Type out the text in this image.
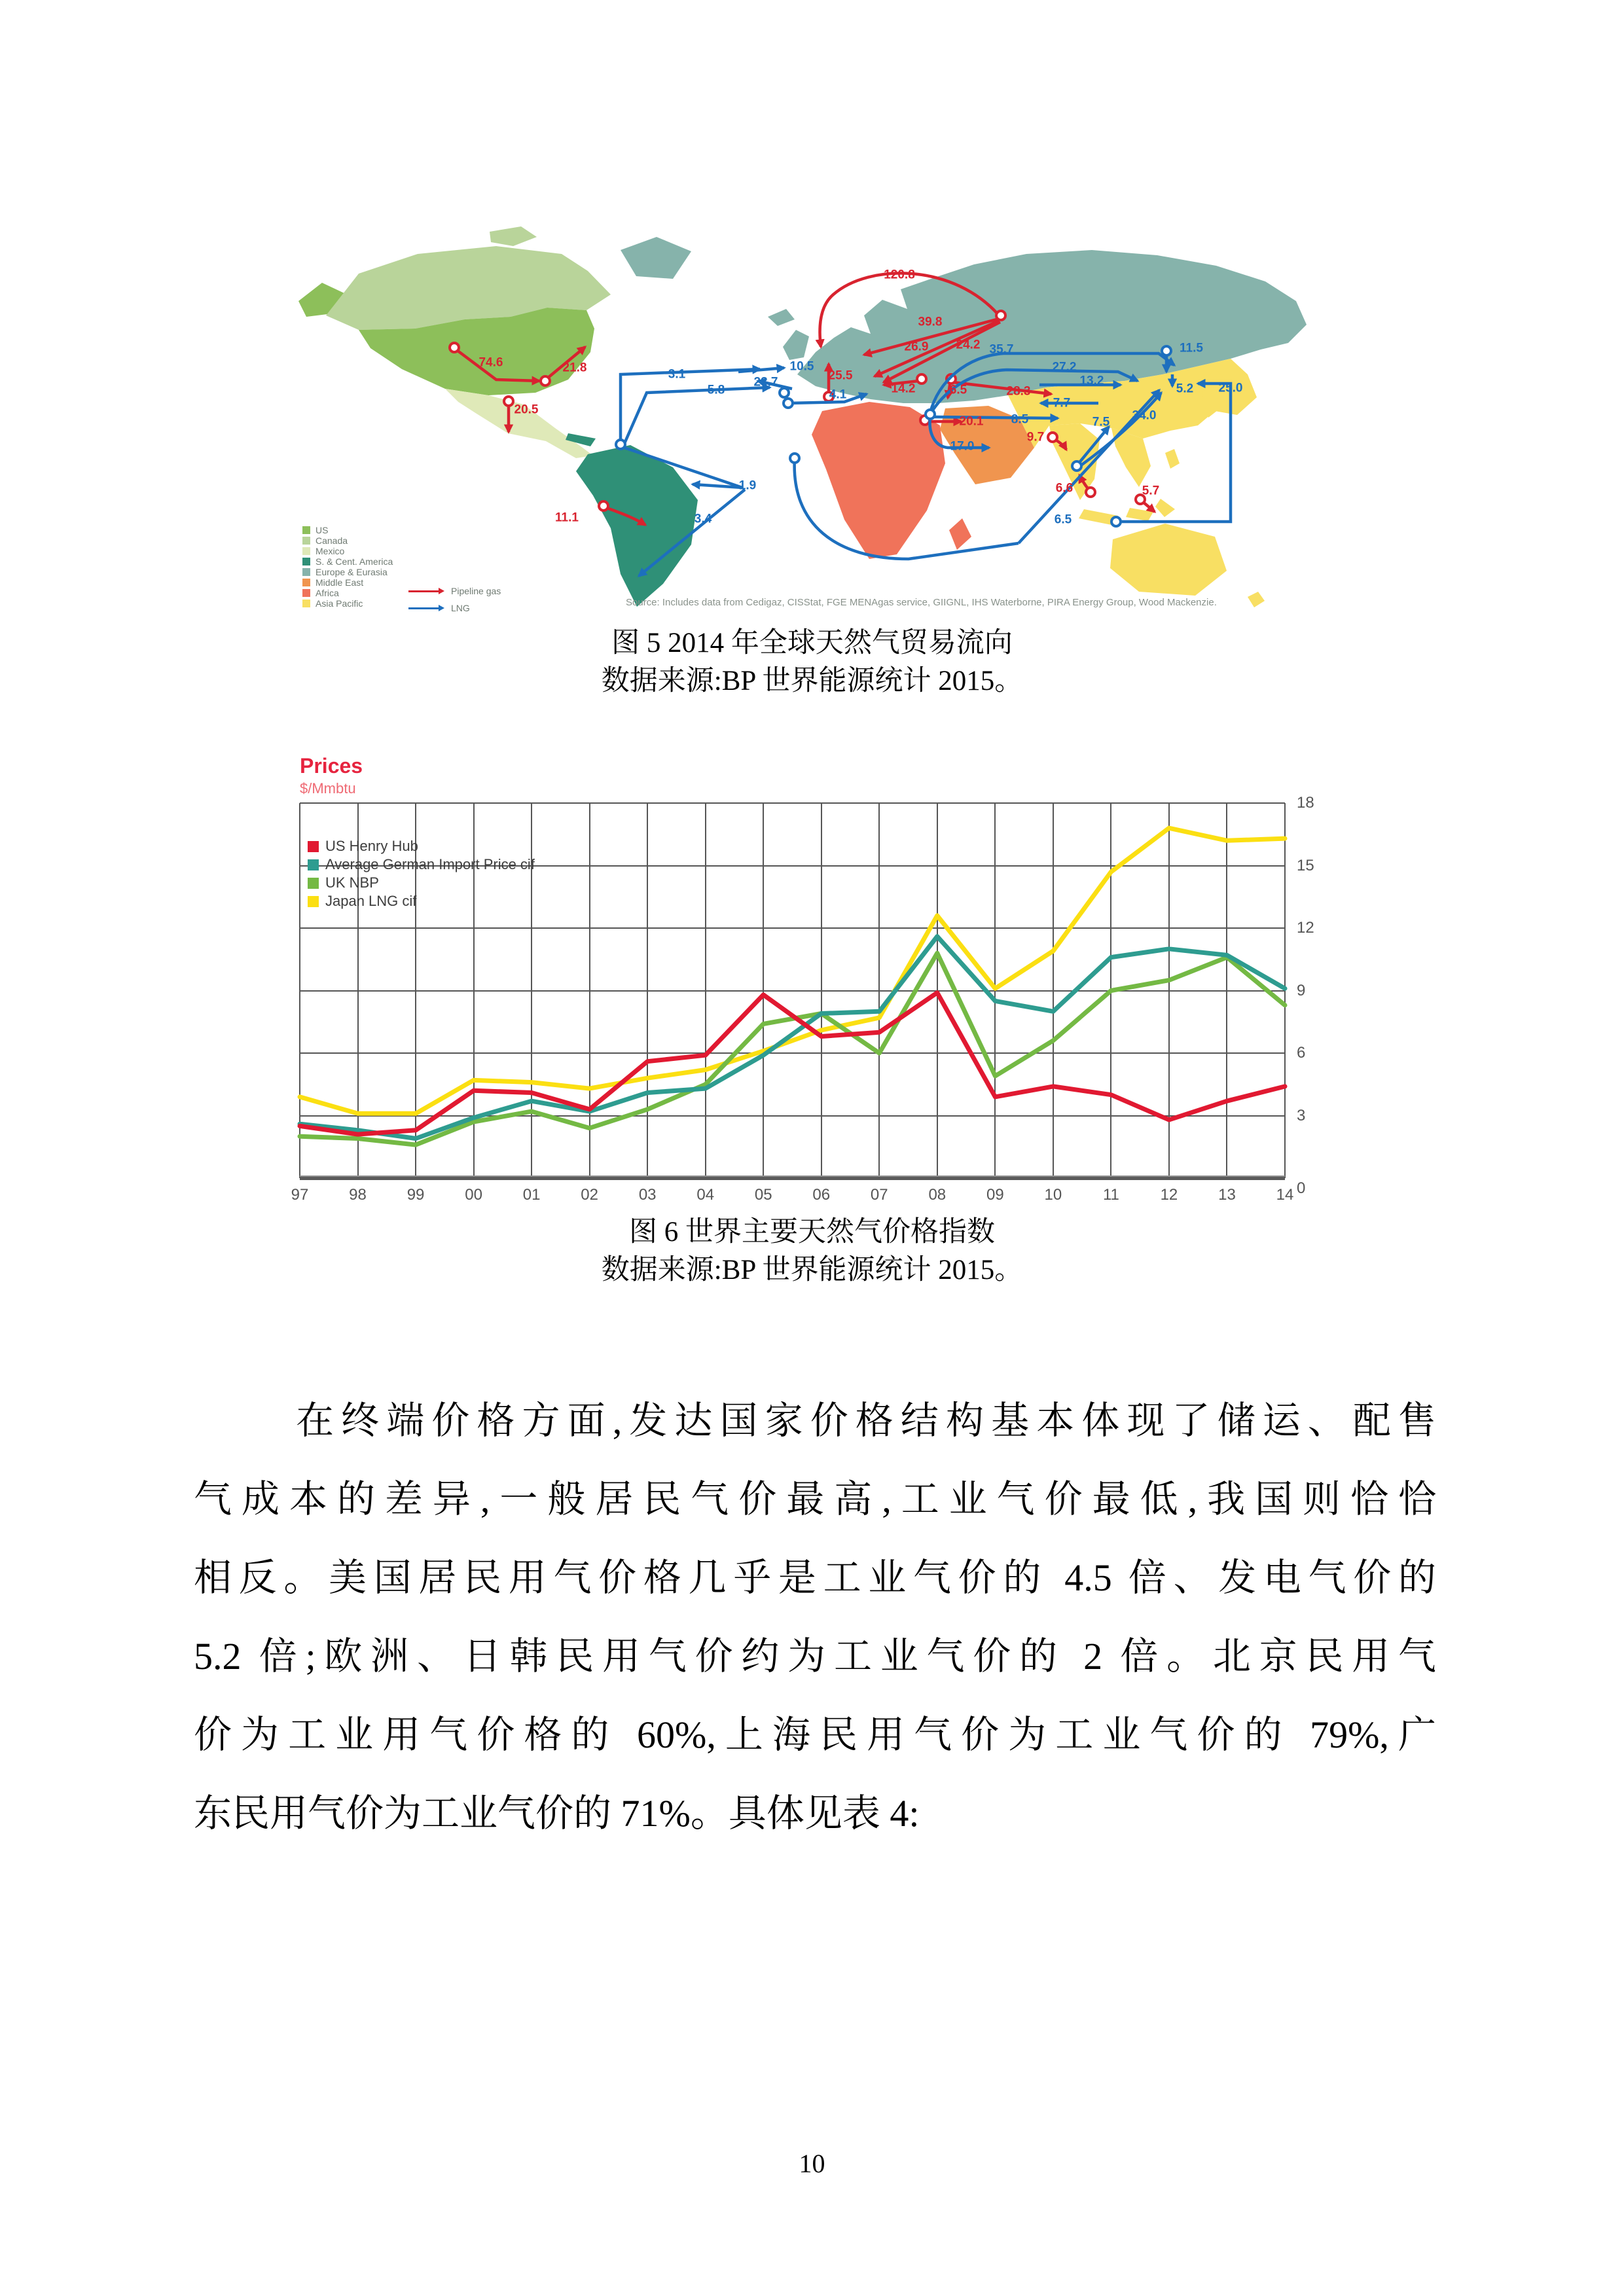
74.6	21.8
20.5
11.1
120.8
39.8
26.9 24.2
25.5
14.2	6.5	28.3
20.1
9.7
6.6	5.7
3.1
5.8
23.7
10.5
4.1
1.9
3.4
35.7
27.2
13.2
7.7
8.5
17.0
7.5 34.0
11.5
5.2 25.0
6.5
US
Canada
Mexico
S. & Cent. America
Europe & Eurasia
Middle East
Africa
Asia Pacific
Pipeline gas
LNG	Source: Includes data from Cedigaz, CISStat, FGE MENAgas service, GIIGNL, IHS Waterborne, PIRA Energy Group, Wood Mackenzie.
图 5 2014 年全球天然气贸易流向
数据来源:BP 世界能源统计 2015。
Prices
$/Mmbtu
97	98	99	00	01	02	03	04	05	06	07	08	09	10	11	12	13	14
18
15
12
9
6
3
0
US Henry Hub
Average German Import Price cif
UK NBP
Japan LNG cif
图 6 世界主要天然气价格指数
数据来源:BP 世界能源统计 2015。
在终端价格方面,发达国家价格结构基本体现了储运、配售
气成本的差异,一般居民气价最高,工业气价最低,我国则恰恰
相反。美国居民用气价格几乎是工业气价的 4.5 倍、发电气价的
5.2 倍;欧洲、日韩民用气价约为工业气价的 2 倍。北京民用气
价为工业用气价格的 60%,上海民用气价为工业气价的 79%,广
东民用气价为工业气价的 71%。具体见表 4:
10
